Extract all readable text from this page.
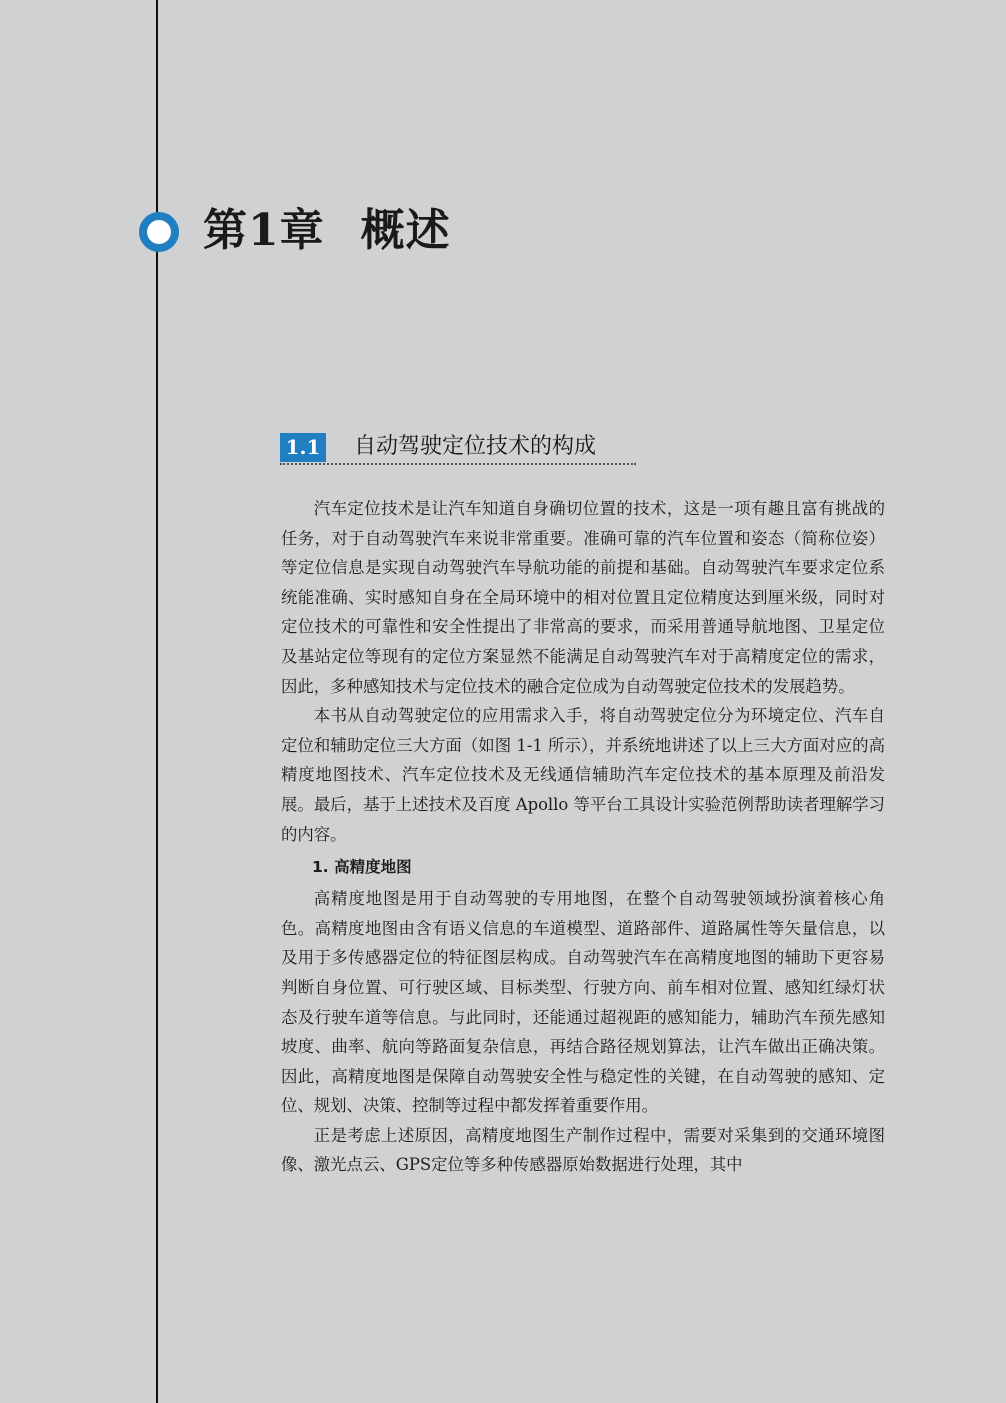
第1章 概述
1.1 自动驾驶定位技术的构成

汽车定位技术是让汽车知道自身确切位置的技术，这是一项有趣且富有挑战的任务，对于自动驾驶汽车来说非常重要。准确可靠的汽车位置和姿态（简称位姿）等定位信息是实现自动驾驶汽车导航功能的前提和基础。自动驾驶汽车要求定位系统能准确、实时感知自身在全局环境中的相对位置且定位精度达到厘米级，同时对定位技术的可靠性和安全性提出了非常高的要求，而采用普通导航地图、卫星定位及基站定位等现有的定位方案显然不能满足自动驾驶汽车对于高精度定位的需求，因此，多种感知技术与定位技术的融合定位成为自动驾驶定位技术的发展趋势。

本书从自动驾驶定位的应用需求入手，将自动驾驶定位分为环境定位、汽车自定位和辅助定位三大方面（如图 1-1 所示），并系统地讲述了以上三大方面对应的高精度地图技术、汽车定位技术及无线通信辅助汽车定位技术的基本原理及前沿发展。最后，基于上述技术及百度 Apollo 等平台工具设计实验范例帮助读者理解学习的内容。

1. 高精度地图

高精度地图是用于自动驾驶的专用地图，在整个自动驾驶领域扮演着核心角色。高精度地图由含有语义信息的车道模型、道路部件、道路属性等矢量信息，以及用于多传感器定位的特征图层构成。自动驾驶汽车在高精度地图的辅助下更容易判断自身位置、可行驶区域、目标类型、行驶方向、前车相对位置、感知红绿灯状态及行驶车道等信息。与此同时，还能通过超视距的感知能力，辅助汽车预先感知坡度、曲率、航向等路面复杂信息，再结合路径规划算法，让汽车做出正确决策。因此，高精度地图是保障自动驾驶安全性与稳定性的关键，在自动驾驶的感知、定位、规划、决策、控制等过程中都发挥着重要作用。

正是考虑上述原因，高精度地图生产制作过程中，需要对采集到的交通环境图像、激光点云、GPS定位等多种传感器原始数据进行处理，其中
